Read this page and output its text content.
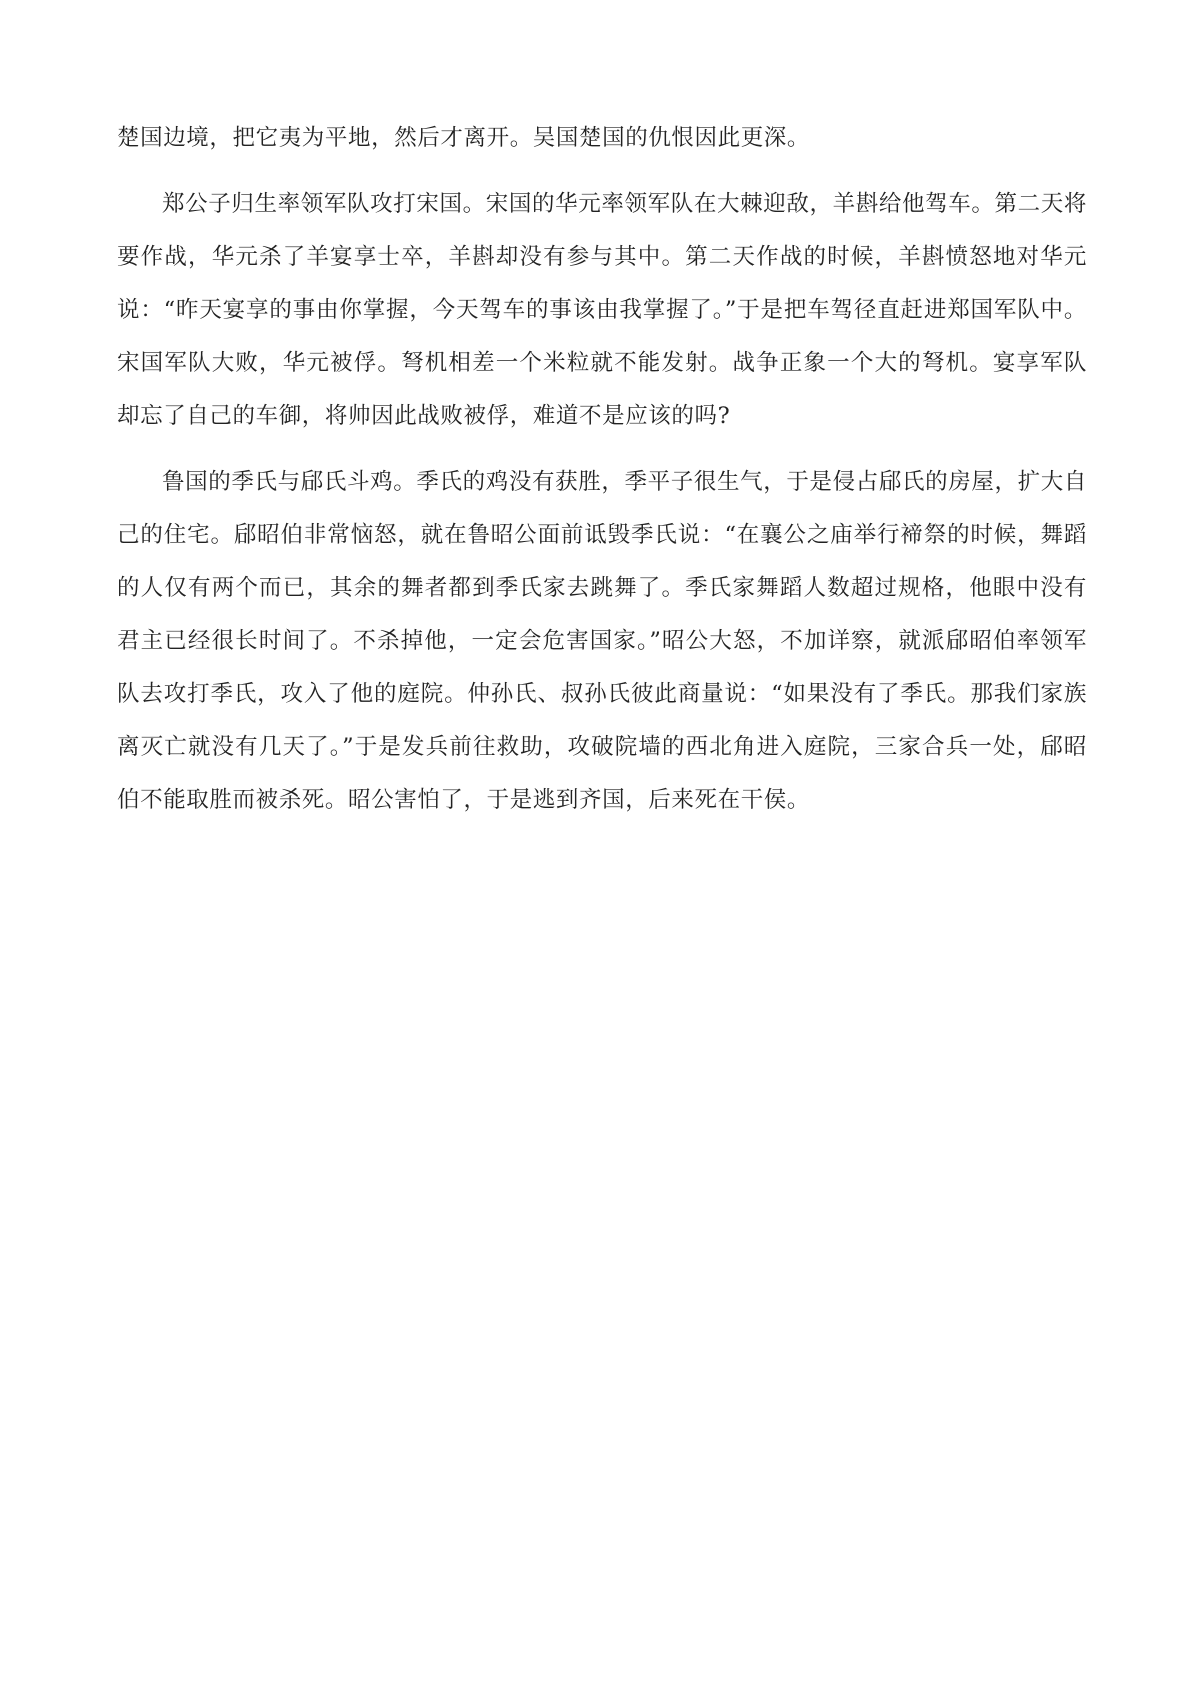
楚国边境，把它夷为平地，然后才离开。吴国楚国的仇恨因此更深。

郑公子归生率领军队攻打宋国。宋国的华元率领军队在大棘迎敌，羊斟给他驾车。第二天将要作战，华元杀了羊宴享士卒，羊斟却没有参与其中。第二天作战的时候，羊斟愤怒地对华元说：“昨天宴享的事由你掌握，今天驾车的事该由我掌握了。”于是把车驾径直赶进郑国军队中。宋国军队大败，华元被俘。弩机相差一个米粒就不能发射。战争正象一个大的弩机。宴享军队却忘了自己的车御，将帅因此战败被俘，难道不是应该的吗?

鲁国的季氏与郈氏斗鸡。季氏的鸡没有获胜，季平子很生气，于是侵占郈氏的房屋，扩大自己的住宅。郈昭伯非常恼怒，就在鲁昭公面前诋毁季氏说：“在襄公之庙举行褅祭的时候，舞蹈的人仅有两个而已，其余的舞者都到季氏家去跳舞了。季氏家舞蹈人数超过规格，他眼中没有君主已经很长时间了。不杀掉他，一定会危害国家。”昭公大怒，不加详察，就派郈昭伯率领军队去攻打季氏，攻入了他的庭院。仲孙氏、叔孙氏彼此商量说：“如果没有了季氏。那我们家族离灭亡就没有几天了。”于是发兵前往救助，攻破院墙的西北角进入庭院，三家合兵一处，郈昭伯不能取胜而被杀死。昭公害怕了，于是逃到齐国，后来死在干侯。
